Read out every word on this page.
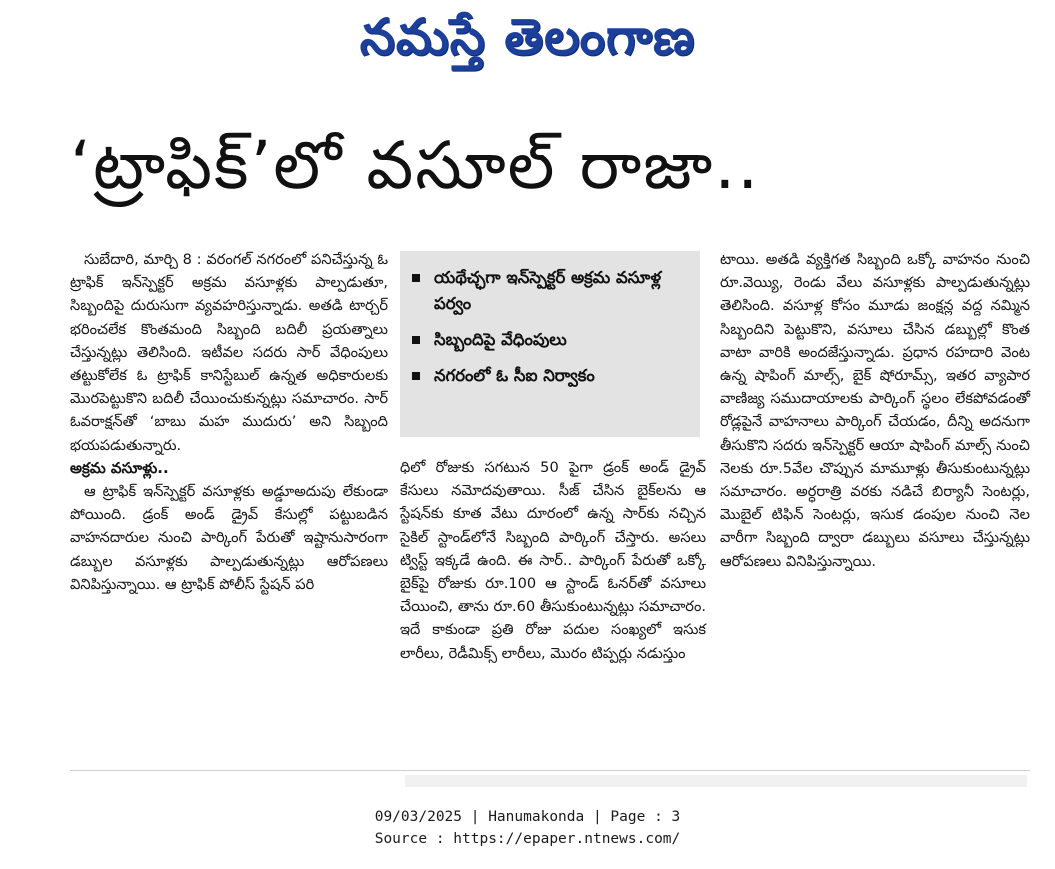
నమస్తే తెలంగాణ
‘ట్రాఫిక్’లో వసూల్ రాజా..

సుబేదారి, మార్చి 8 : వరంగల్ నగరంలో పనిచేస్తున్న ఓ ట్రాఫిక్ ఇన్‌స్పెక్టర్ అక్రమ వసూళ్లకు పాల్పడుతూ, సిబ్బందిపై దురుసుగా వ్యవహరిస్తున్నాడు. అతడి టార్చర్ భరించలేక కొంతమంది సిబ్బంది బదిలీ ప్రయత్నాలు చేస్తున్నట్లు తెలిసింది. ఇటీవల సదరు సార్ వేధింపులు తట్టుకోలేక ఓ ట్రాఫిక్ కానిస్టేబుల్ ఉన్నత అధికారులకు మొరపెట్టుకొని బదిలీ చేయించుకున్నట్లు సమాచారం. సార్ ఓవరాక్షన్‌తో ‘బాబు మహ ముదురు’ అని సిబ్బంది భయపడుతున్నారు.

అక్రమ వసూళ్లు..

ఆ ట్రాఫిక్ ఇన్‌స్పెక్టర్ వసూళ్లకు అడ్డూఅదుపు లేకుండా పోయింది. డ్రంక్ అండ్ డ్రైవ్ కేసుల్లో పట్టుబడిన వాహనదారుల నుంచి పార్కింగ్ పేరుతో ఇష్టానుసారంగా డబ్బుల వసూళ్లకు పాల్పడుతున్నట్లు ఆరోపణలు వినిపిస్తున్నాయి. ఆ ట్రాఫిక్ పోలీస్ స్టేషన్ పరి

యథేచ్ఛగా ఇన్‌స్పెక్టర్ అక్రమ వసూళ్ల పర్వం
సిబ్బందిపై వేధింపులు
నగరంలో ఓ సీఐ నిర్వాకం

ధిలో రోజుకు సగటున 50 పైగా డ్రంక్ అండ్ డ్రైవ్ కేసులు నమోదవుతాయి. సీజ్ చేసిన బైక్‌లను ఆ స్టేషన్‌కు కూత వేటు దూరంలో ఉన్న సార్‌కు నచ్చిన సైకిల్ స్టాండ్‌లోనే సిబ్బంది పార్కింగ్ చేస్తారు. అసలు ట్విస్ట్ ఇక్కడే ఉంది. ఈ సార్.. పార్కింగ్ పేరుతో ఒక్కో బైక్‌పై రోజుకు రూ.100 ఆ స్టాండ్ ఓనర్‌తో వసూలు చేయించి, తాను రూ.60 తీసుకుంటున్నట్లు సమాచారం. ఇదే కాకుండా ప్రతి రోజు పదుల సంఖ్యలో ఇసుక లారీలు, రెడీమిక్స్ లారీలు, మొరం టిప్పర్లు నడుస్తుం

టాయి. అతడి వ్యక్తిగత సిబ్బంది ఒక్కో వాహనం నుంచి రూ.వెయ్యి, రెండు వేలు వసూళ్లకు పాల్పడుతున్నట్లు తెలిసింది. వసూళ్ల కోసం మూడు జంక్షన్ల వద్ద నమ్మిన సిబ్బందిని పెట్టుకొని, వసూలు చేసిన డబ్బుల్లో కొంత వాటా వారికి అందజేస్తున్నాడు. ప్రధాన రహదారి వెంట ఉన్న షాపింగ్ మాల్స్, బైక్ షోరూమ్స్, ఇతర వ్యాపార వాణిజ్య సముదాయాలకు పార్కింగ్ స్థలం లేకపోవడంతో రోడ్లపైనే వాహనాలు పార్కింగ్ చేయడం, దీన్ని అదనుగా తీసుకొని సదరు ఇన్‌స్పెక్టర్ ఆయా షాపింగ్ మాల్స్ నుంచి నెలకు రూ.5వేల చొప్పున మామూళ్లు తీసుకుంటున్నట్లు సమాచారం. అర్ధరాత్రి వరకు నడిచే బిర్యానీ సెంటర్లు, మొబైల్ టిఫిన్ సెంటర్లు, ఇసుక డంపుల నుంచి నెల వారీగా సిబ్బంది ద్వారా డబ్బులు వసూలు చేస్తున్నట్లు ఆరోపణలు వినిపిస్తున్నాయి.

09/03/2025 | Hanumakonda | Page : 3
Source : https://epaper.ntnews.com/
